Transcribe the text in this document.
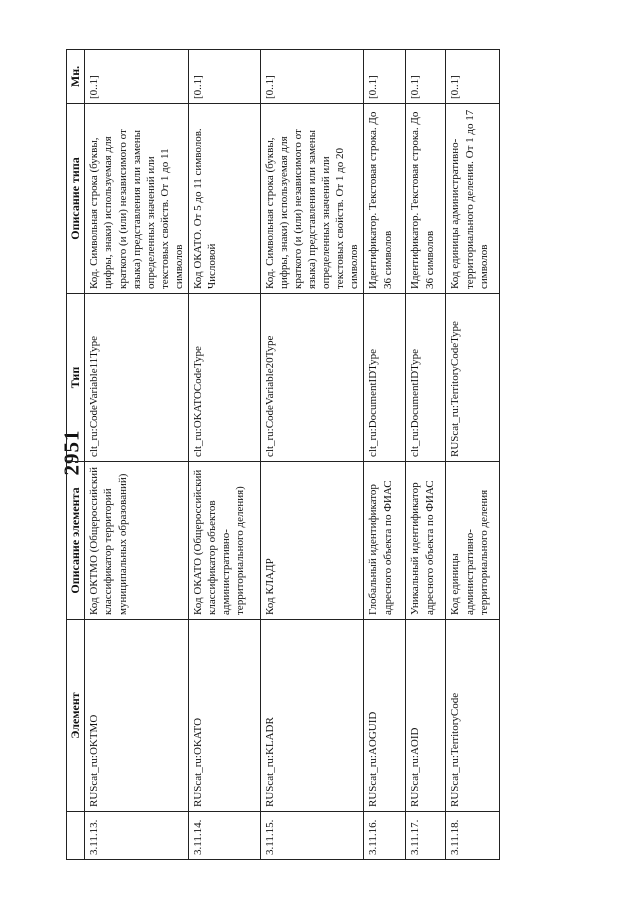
2951
	Элемент	Описание элемента	Тип	Описание типа	Мн.
3.11.13.	RUScat_ru:OKTMO	Код ОКТМО (Общероссийский классификатор территорий муниципальных образований)	clt_ru:CodeVariable11Type	Код. Символьная строка (буквы, цифры, знаки) используемая для краткого (и (или) независимого от языка) представления или замены определенных значений или текстовых свойств. От 1 до 11 символов	[0..1]
3.11.14.	RUScat_ru:OKATO	Код ОКАТО (Общероссийский классификатор объектов административно-территориального деления)	clt_ru:OKATOCodeType	Код ОКАТО. От 5 до 11 символов. Числовой	[0..1]
3.11.15.	RUScat_ru:KLADR	Код КЛАДР	clt_ru:CodeVariable20Type	Код. Символьная строка (буквы, цифры, знаки) используемая для краткого (и (или) независимого от языка) представления или замены определенных значений или текстовых свойств. От 1 до 20 символов	[0..1]
3.11.16.	RUScat_ru:AOGUID	Глобальный идентификатор адресного объекта по ФИАС	clt_ru:DocumentIDType	Идентификатор. Текстовая строка. До 36 символов	[0..1]
3.11.17.	RUScat_ru:AOID	Уникальный идентификатор адресного объекта по ФИАС	clt_ru:DocumentIDType	Идентификатор. Текстовая строка. До 36 символов	[0..1]
3.11.18.	RUScat_ru:TerritoryCode	Код единицы административно-территориального деления	RUScat_ru:TerritoryCodeType	Код единицы административно-территориального деления. От 1 до 17 символов	[0..1]
